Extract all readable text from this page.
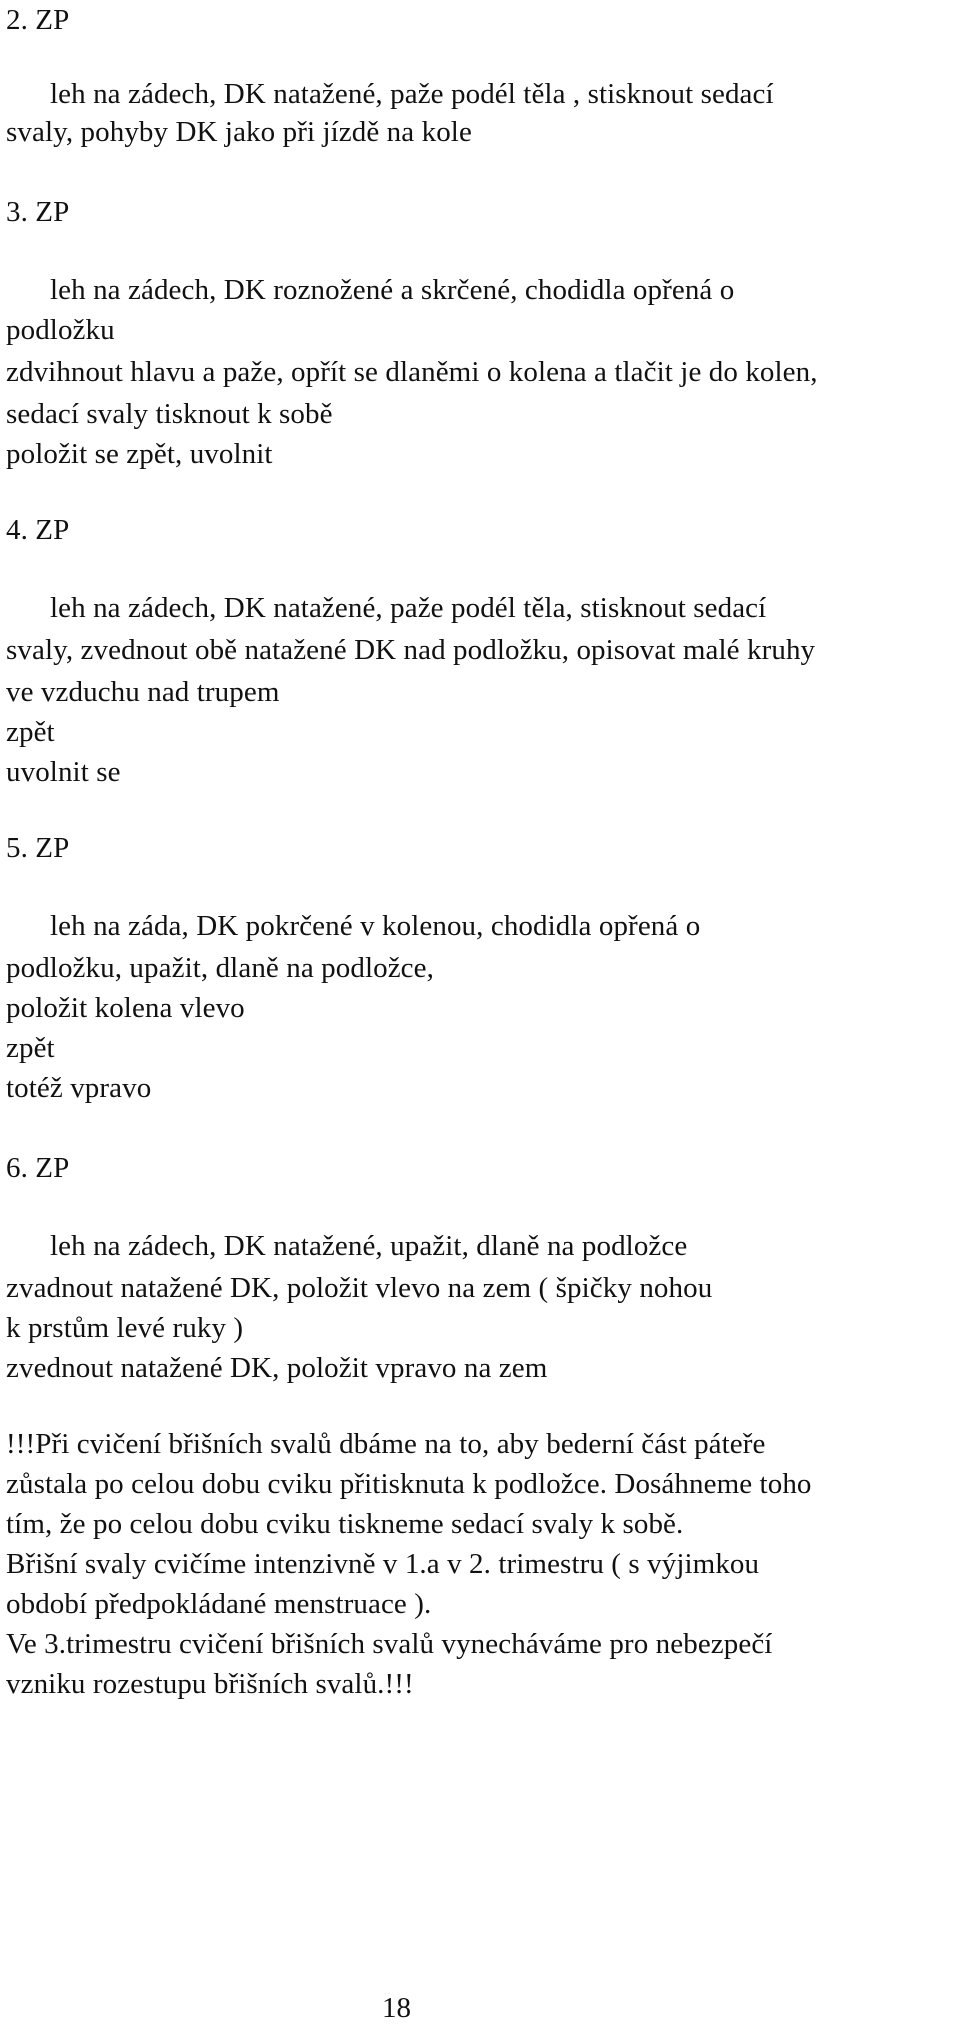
2. ZP

leh na zádech, DK natažené, paže podél těla , stisknout sedací

svaly, pohyby DK jako při jízdě na kole

3. ZP

leh na zádech, DK roznožené a skrčené, chodidla opřená o

podložku

zdvihnout hlavu a paže, opřít se dlaněmi o kolena a tlačit je do kolen,

sedací svaly tisknout k sobě

položit se zpět, uvolnit

4. ZP

leh na zádech, DK natažené, paže podél těla, stisknout sedací

svaly, zvednout obě natažené DK nad podložku, opisovat malé kruhy

ve vzduchu nad trupem

zpět

uvolnit se

5. ZP

leh na záda, DK pokrčené v kolenou, chodidla opřená o

podložku, upažit, dlaně na podložce,

položit kolena vlevo

zpět

totéž vpravo

6. ZP

leh na zádech, DK natažené, upažit, dlaně na podložce

zvadnout natažené DK, položit vlevo na zem ( špičky nohou

k prstům levé ruky )

zvednout natažené DK, položit vpravo na zem

!!!Při cvičení břišních svalů dbáme na to, aby bederní část páteře

zůstala po celou dobu cviku přitisknuta k podložce. Dosáhneme toho

tím, že po celou dobu cviku tiskneme sedací svaly k sobě.

Břišní svaly cvičíme intenzivně v 1.a v 2. trimestru ( s výjimkou

období předpokládané menstruace ).

Ve 3.trimestru cvičení břišních svalů vynecháváme pro nebezpečí

vzniku rozestupu břišních svalů.!!!

18
